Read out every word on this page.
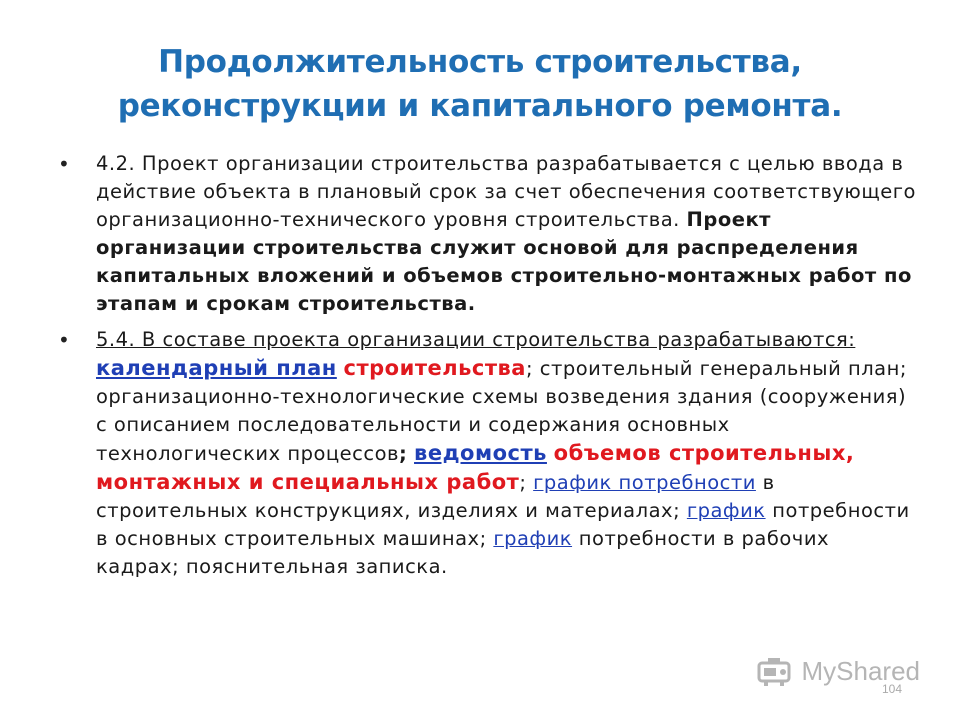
Продолжительность строительства,
реконструкции и капитального ремонта.
• 4.2. Проект организации строительства разрабатывается с целью ввода в действие объекта в плановый срок за счет обеспечения соответствующего организационно-технического уровня строительства. Проект организации строительства служит основой для распределения капитальных вложений и объемов строительно-монтажных работ по этапам и срокам строительства.
• 5.4. В составе проекта организации строительства разрабатываются: календарный план строительства; строительный генеральный план; организационно-технологические схемы возведения здания (сооружения) с описанием последовательности и содержания основных технологических процессов; ведомость объемов строительных, монтажных и специальных работ; график потребности в строительных конструкциях, изделиях и материалах; график потребности в основных строительных машинах; график потребности в рабочих кадрах; пояснительная записка.
MyShared
104
